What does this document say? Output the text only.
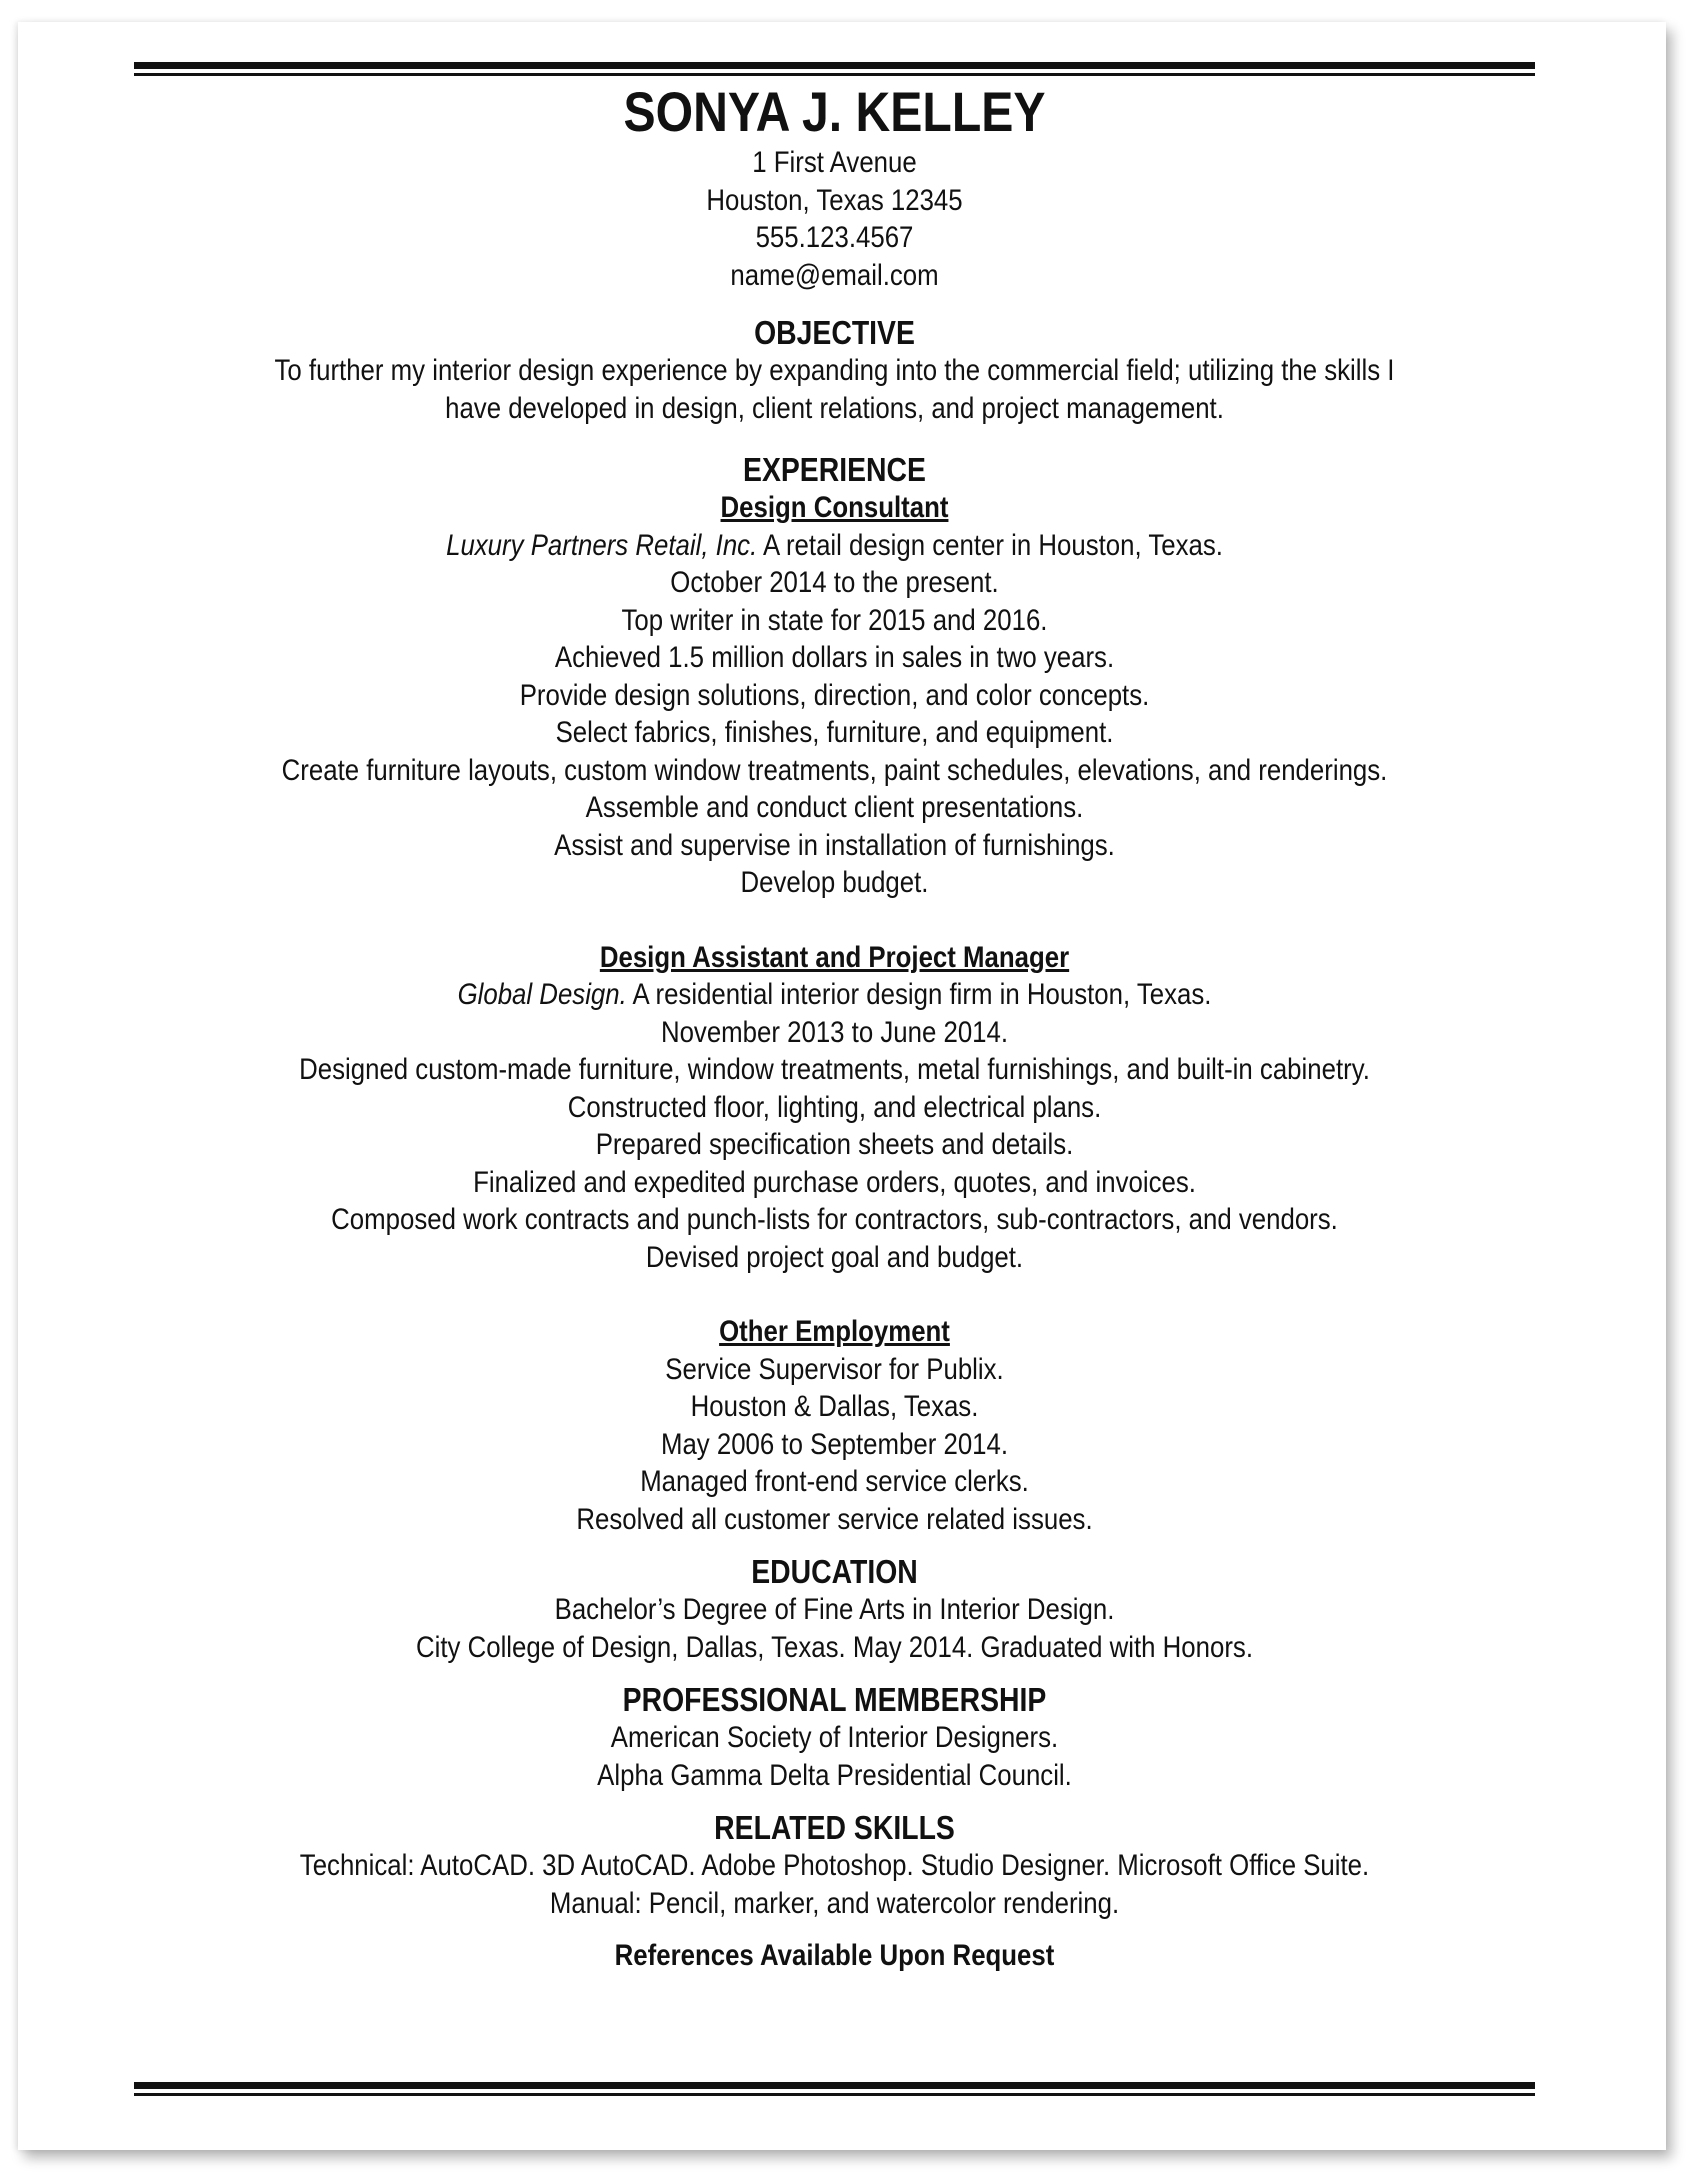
SONYA J. KELLEY

1 First Avenue

Houston, Texas 12345

555.123.4567

name@email.com

OBJECTIVE

To further my interior design experience by expanding into the commercial field; utilizing the skills I

have developed in design, client relations, and project management.

EXPERIENCE

Design Consultant

Luxury Partners Retail, Inc. A retail design center in Houston, Texas.

October 2014 to the present.

Top writer in state for 2015 and 2016.

Achieved 1.5 million dollars in sales in two years.

Provide design solutions, direction, and color concepts.

Select fabrics, finishes, furniture, and equipment.

Create furniture layouts, custom window treatments, paint schedules, elevations, and renderings.

Assemble and conduct client presentations.

Assist and supervise in installation of furnishings.

Develop budget.

Design Assistant and Project Manager

Global Design. A residential interior design firm in Houston, Texas.

November 2013 to June 2014.

Designed custom-made furniture, window treatments, metal furnishings, and built-in cabinetry.

Constructed floor, lighting, and electrical plans.

Prepared specification sheets and details.

Finalized and expedited purchase orders, quotes, and invoices.

Composed work contracts and punch-lists for contractors, sub-contractors, and vendors.

Devised project goal and budget.

Other Employment

Service Supervisor for Publix.

Houston & Dallas, Texas.

May 2006 to September 2014.

Managed front-end service clerks.

Resolved all customer service related issues.

EDUCATION

Bachelor’s Degree of Fine Arts in Interior Design.

City College of Design, Dallas, Texas. May 2014. Graduated with Honors.

PROFESSIONAL MEMBERSHIP

American Society of Interior Designers.

Alpha Gamma Delta Presidential Council.

RELATED SKILLS

Technical: AutoCAD. 3D AutoCAD. Adobe Photoshop. Studio Designer. Microsoft Office Suite.

Manual: Pencil, marker, and watercolor rendering.

References Available Upon Request
